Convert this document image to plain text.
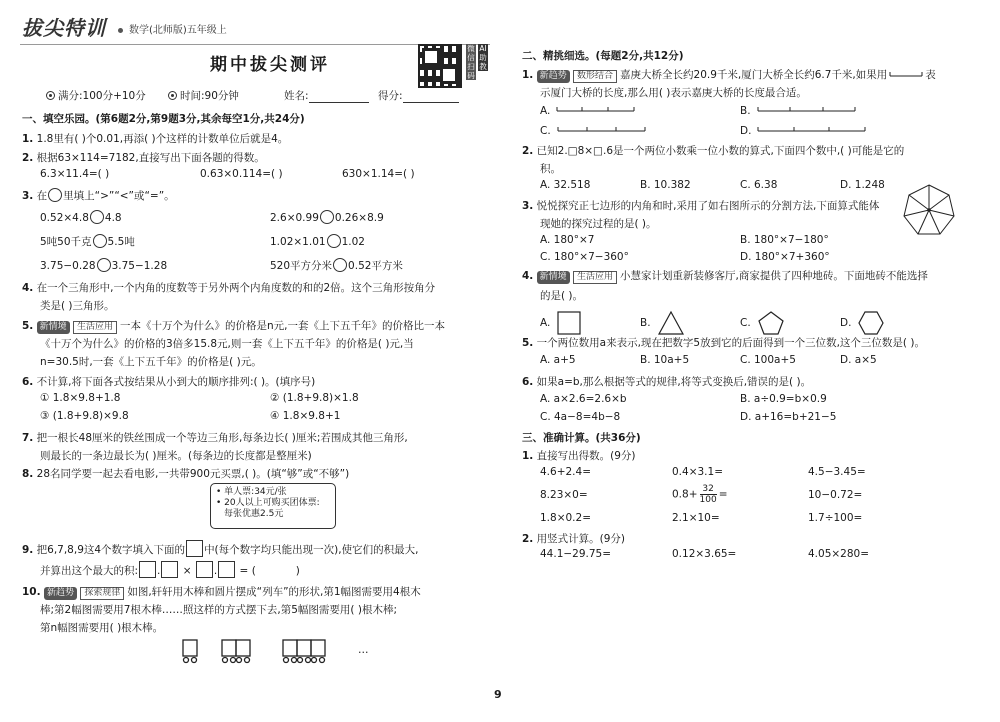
拔尖特训	数学(北师版)五年级上
期中拔尖测评
微信扫码
AI助教
满分:100分+10分	时间:90分钟	姓名:	得分:
一、填空乐园。(第6题2分,第9题3分,其余每空1分,共24分)
1. 1.8里有( )个0.01,再添( )个这样的计数单位后就是4。
2. 根据63×114=7182,直接写出下面各题的得数。
6.3×11.4=( )	0.63×0.114=( )	630×1.14=( )
3. 在 里填上“>”“<”或“=”。
0.52×4.8 4.8	2.6×0.99 0.26×8.9
5吨50千克 5.5吨	1.02×1.01 1.02
3.75−0.28 3.75−1.28	520平方分米 0.52平方米
4. 在一个三角形中,一个内角的度数等于另外两个内角度数的和的2倍。这个三角形按角分
类是( )三角形。
5. 新情境 生活应用 一本《十万个为什么》的价格是n元,一套《上下五千年》的价格比一本
《十万个为什么》的价格的3倍多15.8元,则一套《上下五千年》的价格是( )元,当
n=30.5时,一套《上下五千年》的价格是( )元。
6. 不计算,将下面各式按结果从小到大的顺序排列:( )。(填序号)
① 1.8×9.8+1.8	② (1.8+9.8)×1.8
③ (1.8+9.8)×9.8	④ 1.8×9.8+1
7. 把一根长48厘米的铁丝围成一个等边三角形,每条边长( )厘米;若围成其他三角形,
则最长的一条边最长为( )厘米。(每条边的长度都是整厘米)
8. 28名同学要一起去看电影,一共带900元买票,( )。(填“够”或“不够”)
• 单人票:34元/张
• 20人以上可购买团体票:
每张优惠2.5元
9. 把6,7,8,9这4个数字填入下面的 中(每个数字均只能出现一次),使它们的积最大,
并算出这个最大的积: . × . = (	)
10. 新趋势 探索规律 如图,轩轩用木棒和圆片摆成“列车”的形状,第1幅图需要用4根木
棒;第2幅图需要用7根木棒……照这样的方式摆下去,第5幅图需要用( )根木棒;
第n幅图需要用( )根木棒。
…
二、精挑细选。(每题2分,共12分)
1. 新趋势 数形结合 嘉庚大桥全长约20.9千米,厦门大桥全长约6.7千米,如果用	表
示厦门大桥的长度,那么用( )表示嘉庚大桥的长度最合适。
A.	B.
C.	D.
2. 已知2.□8×□.6是一个两位小数乘一位小数的算式,下面四个数中,( )可能是它的
积。
A. 32.518	B. 10.382	C. 6.38	D. 1.248
3. 悦悦探究正七边形的内角和时,采用了如右图所示的分割方法,下面算式能体
现她的探究过程的是( )。
A. 180°×7	B. 180°×7−180°
C. 180°×7−360°	D. 180°×7+360°
4. 新情境 生活应用 小慧家计划重新装修客厅,商家提供了四种地砖。下面地砖不能选择
的是( )。
A.	B.	C.	D.
5. 一个两位数用a来表示,现在把数字5放到它的后面得到一个三位数,这个三位数是( )。
A. a+5	B. 10a+5	C. 100a+5	D. a×5
6. 如果a=b,那么根据等式的规律,将等式变换后,错误的是( )。
A. a×2.6=2.6×b	B. a÷0.9=b×0.9
C. 4a−8=4b−8	D. a+16=b+21−5
三、准确计算。(共36分)
1. 直接写出得数。(9分)
4.6+2.4=	0.4×3.1=	4.5−3.45=
8.23×0=	$0.8+ \frac{32}{100}$ =	10−0.72=
1.8×0.2=	2.1×10=	1.7÷100=
2. 用竖式计算。(9分)
44.1−29.75=	0.12×3.65=	4.05×280=
9
